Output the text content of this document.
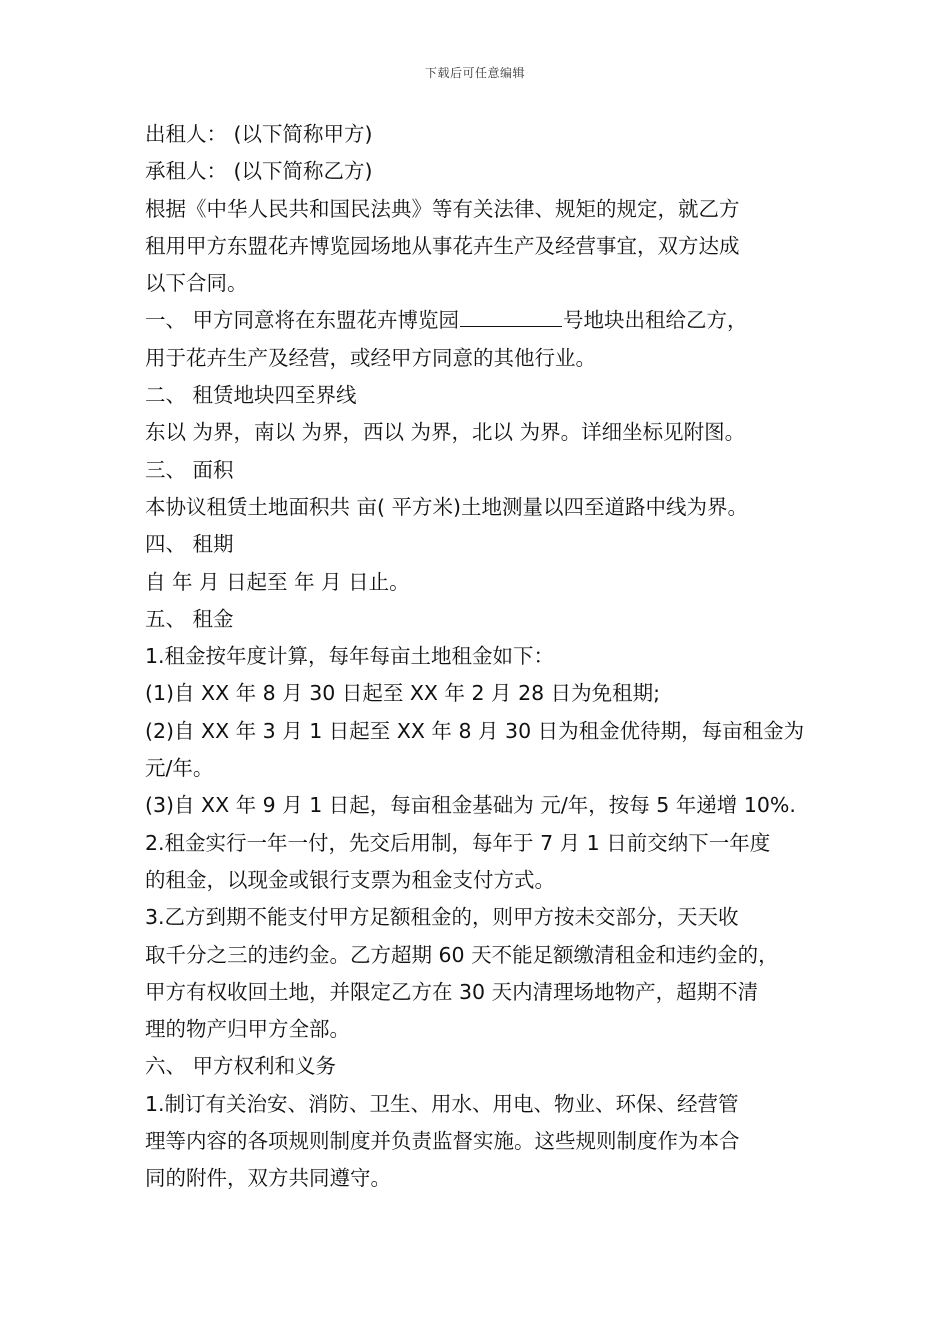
下载后可任意编辑
出租人： (以下简称甲方)
承租人： (以下简称乙方)
根据《中华人民共和国民法典》等有关法律、规矩的规定，就乙方
租用甲方东盟花卉博览园场地从事花卉生产及经营事宜，双方达成
以下合同。
一、 甲方同意将在东盟花卉博览园	号地块出租给乙方，
用于花卉生产及经营，或经甲方同意的其他行业。
二、 租赁地块四至界线
东以 为界，南以 为界，西以 为界，北以 为界。详细坐标见附图。
三、 面积
本协议租赁土地面积共 亩( 平方米)土地测量以四至道路中线为界。
四、 租期
自 年 月 日起至 年 月 日止。
五、 租金
1.租金按年度计算，每年每亩土地租金如下：
(1)自 XX 年 8 月 30 日起至 XX 年 2 月 28 日为免租期;
(2)自 XX 年 3 月 1 日起至 XX 年 8 月 30 日为租金优待期，每亩租金为
元/年。
(3)自 XX 年 9 月 1 日起，每亩租金基础为 元/年，按每 5 年递增 10%.
2.租金实行一年一付，先交后用制，每年于 7 月 1 日前交纳下一年度
的租金，以现金或银行支票为租金支付方式。
3.乙方到期不能支付甲方足额租金的，则甲方按未交部分，天天收
取千分之三的违约金。乙方超期 60 天不能足额缴清租金和违约金的，
甲方有权收回土地，并限定乙方在 30 天内清理场地物产，超期不清
理的物产归甲方全部。
六、 甲方权利和义务
1.制订有关治安、消防、卫生、用水、用电、物业、环保、经营管
理等内容的各项规则制度并负责监督实施。这些规则制度作为本合
同的附件，双方共同遵守。
